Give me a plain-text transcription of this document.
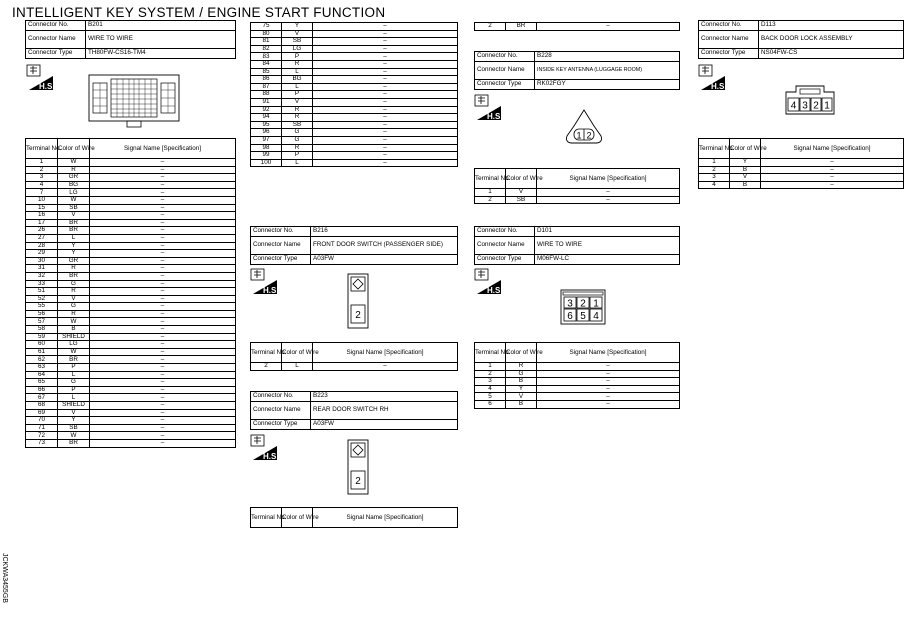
INTELLIGENT KEY SYSTEM / ENGINE START FUNCTION
JCKWA3455GB
Connector No.	B201
Connector Name	WIRE TO WIRE
Connector Type	TH80FW-CS16-TM4
H.S.
Terminal No.	Color of Wire	Signal Name [Specification]
1	W	–
2	R	–
3	GR	–
4	BG	–
7	LG	–
10	W	–
15	SB	–
16	V	–
17	BR	–
26	BR	–
27	L	–
28	Y	–
29	Y	–
30	GR	–
31	R	–
32	BR	–
33	G	–
51	R	–
52	V	–
55	G	–
56	R	–
57	W	–
58	B	–
59	SHIELD	–
60	LG	–
61	W	–
62	BR	–
63	P	–
64	L	–
65	G	–
66	P	–
67	L	–
68	SHIELD	–
69	V	–
70	Y	–
71	SB	–
72	W	–
73	BR	–
75	Y	–
80	V	–
81	SB	–
82	LG	–
83	P	–
84	R	–
85	L	–
86	BG	–
87	L	–
88	P	–
91	V	–
92	R	–
94	R	–
95	SB	–
96	G	–
97	G	–
98	R	–
99	P	–
100	L	–
Connector No.	B216
Connector Name	FRONT DOOR SWITCH (PASSENGER SIDE)
Connector Type	A03FW
H.S.
2
Terminal No.	Color of Wire	Signal Name [Specification]
2	L	–
Connector No.	B223
Connector Name	REAR DOOR SWITCH RH
Connector Type	A03FW
H.S.
2
Terminal No.	Color of Wire	Signal Name [Specification]
2	BR	–
Connector No.	B228
Connector Name	INSIDE KEY ANTENNA (LUGGAGE ROOM)
Connector Type	RK02FGY
H.S.
1 2
Terminal No.	Color of Wire	Signal Name [Specification]
1	V	–
2	SB	–
Connector No.	D101
Connector Name	WIRE TO WIRE
Connector Type	M06FW-LC
H.S.
3 2 1
6 5 4
Terminal No.	Color of Wire	Signal Name [Specification]
1	R	–
2	G	–
3	B	–
4	Y	–
5	V	–
6	B	–
Connector No.	D113
Connector Name	BACK DOOR LOCK ASSEMBLY
Connector Type	NS04FW-CS
H.S.
4 3 2 1
Terminal No.	Color of Wire	Signal Name [Specification]
1	Y	–
2	B	–
3	V	–
4	B	–
